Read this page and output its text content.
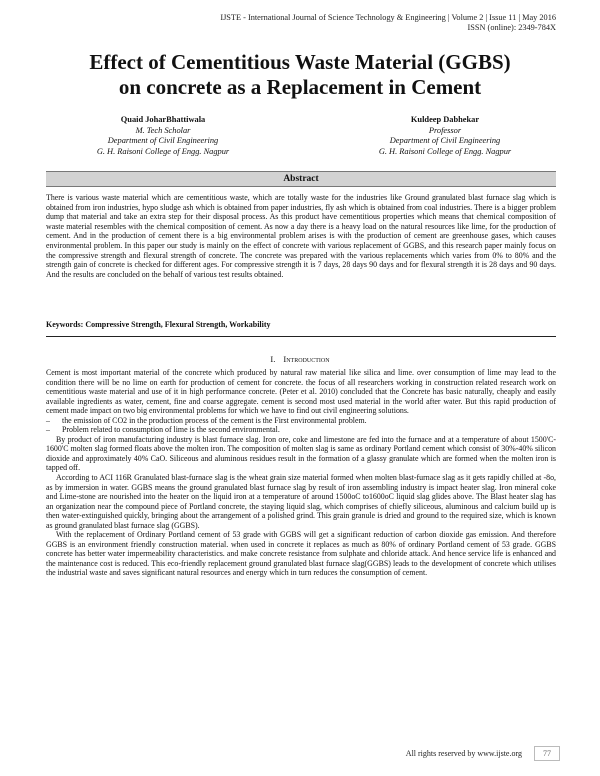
IJSTE - International Journal of Science Technology & Engineering | Volume 2 | Issue 11 | May 2016
ISSN (online): 2349-784X
Effect of Cementitious Waste Material (GGBS)
on concrete as a Replacement in Cement
Quaid JoharBhattiwala
M. Tech Scholar
Department of Civil Engineering
G. H. Raisoni College of Engg. Nagpur
Kuldeep Dabhekar
Professor
Department of Civil Engineering
G. H. Raisoni College of Engg. Nagpur
Abstract
There is various waste material which are cementitious waste, which are totally waste for the industries like Ground granulated blast furnace slag which is obtained from iron industries, hypo sludge ash which is obtained from paper industries, fly ash which is obtained from coal industries. There is a bigger problem dump that material and take an extra step for their disposal process. As this product have cementitious properties which means that chemical composition of waste material resembles with the chemical composition of cement. As now a day there is a heavy load on the natural resources like lime, for the production of cement. And in the production of cement there is a big environmental problem arises is with the production of cement are greenhouse gases, which causes environmental problem. In this paper our study is mainly on the effect of concrete with various replacement of GGBS, and this research paper mainly focus on the compressive strength and flexural strength of concrete. The concrete was prepared with the various replacements which varies from 0% to 80% and the strength gain of concrete is checked for different ages. For compressive strength it is 7 days, 28 days 90 days and for flexural strength it is 28 days and 90 days. And the results are concluded on the behalf of various test results obtained.
Keywords: Compressive Strength, Flexural Strength, Workability
I. Introduction

Cement is most important material of the concrete which produced by natural raw material like silica and lime. over consumption of lime may lead to the condition there will be no lime on earth for production of cement for concrete. the focus of all researchers working in construction related research work on cementitious waste material and use of it in high performance concrete. (Peter et al. 2010) concluded that the Concrete has basic naturally, cheaply and easily available ingredients as water, cement, fine and coarse aggregate. cement is second most used material in the world after water. But this rapid production of cement made impact on two big environmental problems for which we have to find out civil engineering solutions.

–	the emission of CO2 in the production process of the cement is the First environmental problem.
–	Problem related to consumption of lime is the second environmental.

By product of iron manufacturing industry is blast furnace slag. Iron ore, coke and limestone are fed into the furnace and at a temperature of about 1500'C-1600'C molten slag formed floats above the molten iron. The composition of molten slag is same as ordinary Portland cement which consist of 30%-40% silicon dioxide and approximately 40% CaO. Siliceous and aluminous residues result in the formation of a glassy granulate which are formed when the molten iron is tapped off.

According to ACI 116R Granulated blast-furnace slag is the wheat grain size material formed when molten blast-furnace slag as it gets rapidly chilled at -8o, as by immersion in water. GGBS means the ground granulated blast furnace slag by result of iron assembling industry is impact heater slag. Iron mineral coke and Lime-stone are nourished into the heater on the liquid iron at a temperature of around 1500oC to1600oC liquid slag glides above. The Blast heater slag has an organization near the compound piece of Portland concrete, the staying liquid slag, which comprises of chiefly siliceous, aluminous and calcium build up is then water-extinguished quickly, bringing about the arrangement of a polished grind. This grain granule is dried and ground to the required size, which is known as ground granulated blast furnace slag (GGBS).

With the replacement of Ordinary Portland cement of 53 grade with GGBS will get a significant reduction of carbon dioxide gas emission. And therefore GGBS is an environment friendly construction material. when used in concrete it replaces as much as 80% of ordinary Portland cement of 53 grade. GGBS concrete has better water impermeability characteristics. and make concrete resistance from sulphate and chloride attack. And hence service life is enhanced and the maintenance cost is reduced. This eco-friendly replacement ground granulated blast furnace slag(GGBS) leads to the development of concrete which utilises the industrial waste and saves significant natural resources and energy which in turn reduces the consumption of cement.

All rights reserved by www.ijste.org	77
